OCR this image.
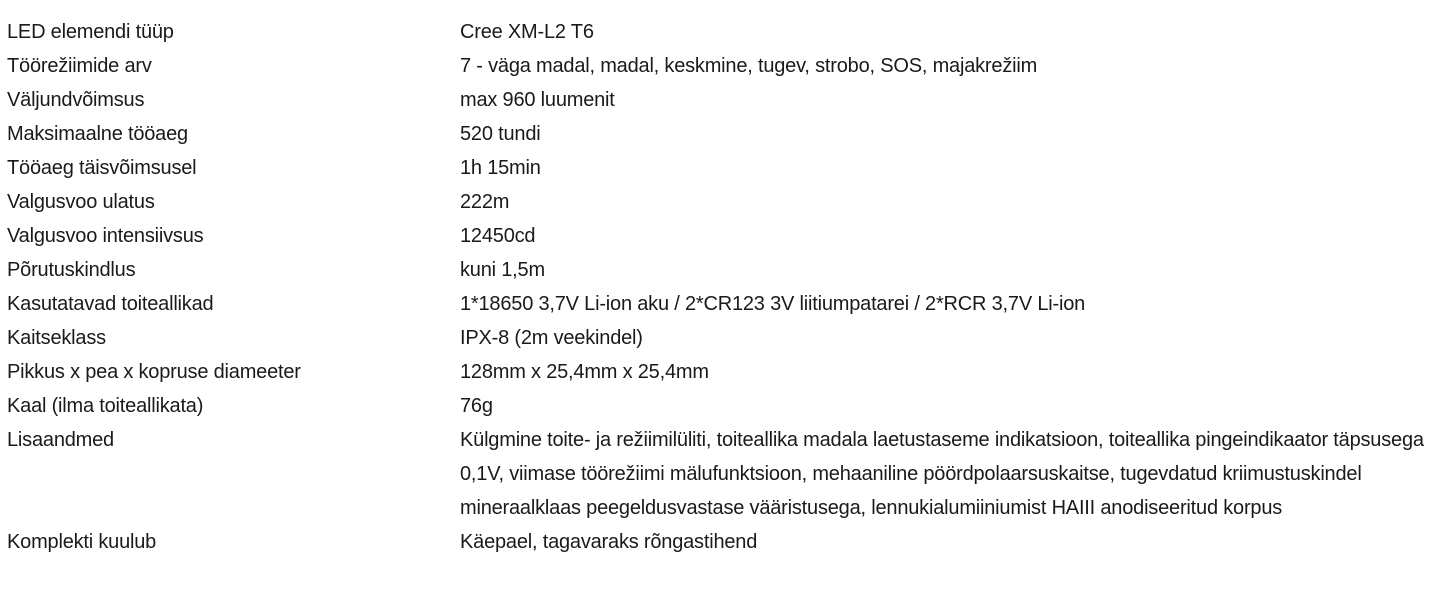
LED elemendi tüüp	Cree XM-L2 T6
Töörežiimide arv	7 - väga madal, madal, keskmine, tugev, strobo, SOS, majakrežiim
Väljundvõimsus	max 960 luumenit
Maksimaalne tööaeg	520 tundi
Tööaeg täisvõimsusel	1h 15min
Valgusvoo ulatus	222m
Valgusvoo intensiivsus	12450cd
Põrutuskindlus	kuni 1,5m
Kasutatavad toiteallikad	1*18650 3,7V Li-ion aku / 2*CR123 3V liitiumpatarei / 2*RCR 3,7V Li-ion
Kaitseklass	IPX-8 (2m veekindel)
Pikkus x pea x kopruse diameeter	128mm x 25,4mm x 25,4mm
Kaal (ilma toiteallikata)	76g
Lisaandmed	Külgmine toite- ja režiimilüliti, toiteallika madala laetustaseme indikatsioon, toiteallika pingeindikaator täpsusega 0,1V, viimase töörežiimi mälufunktsioon, mehaaniline pöördpolaarsuskaitse, tugevdatud kriimustuskindel mineraalklaas peegeldusvastase vääristusega, lennukialumiiniumist HAIII anodiseeritud korpus
Komplekti kuulub	Käepael, tagavaraks rõngastihend
